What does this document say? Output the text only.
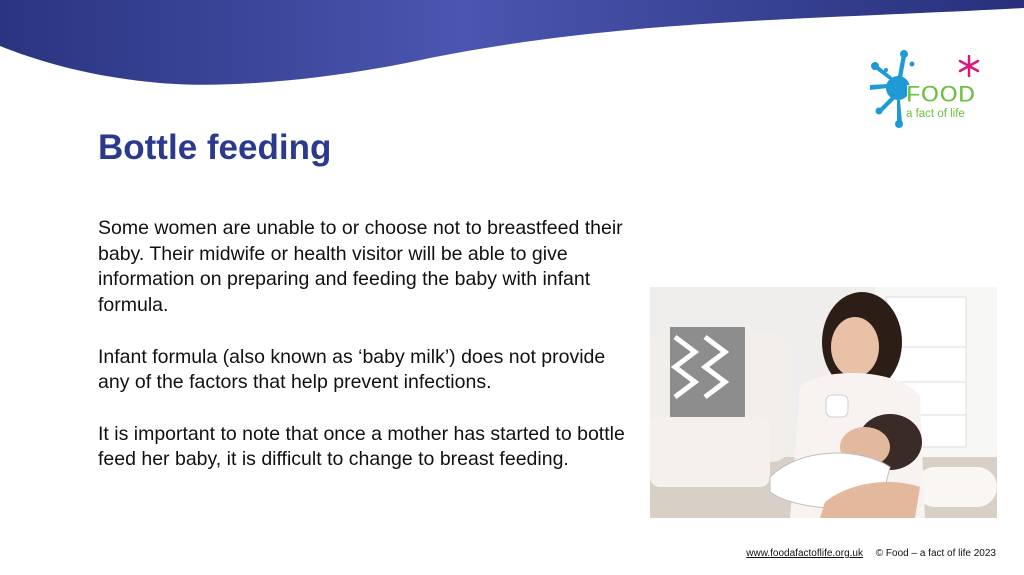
FOOD
a fact of life
Bottle feeding

Some women are unable to or choose not to breastfeed their baby. Their midwife or health visitor will be able to give information on preparing and feeding the baby with infant formula.

Infant formula (also known as ‘baby milk’) does not provide any of the factors that help prevent infections.

It is important to note that once a mother has started to bottle feed her baby, it is difficult to change to breast feeding.

www.foodafactoflife.org.uk © Food – a fact of life 2023
